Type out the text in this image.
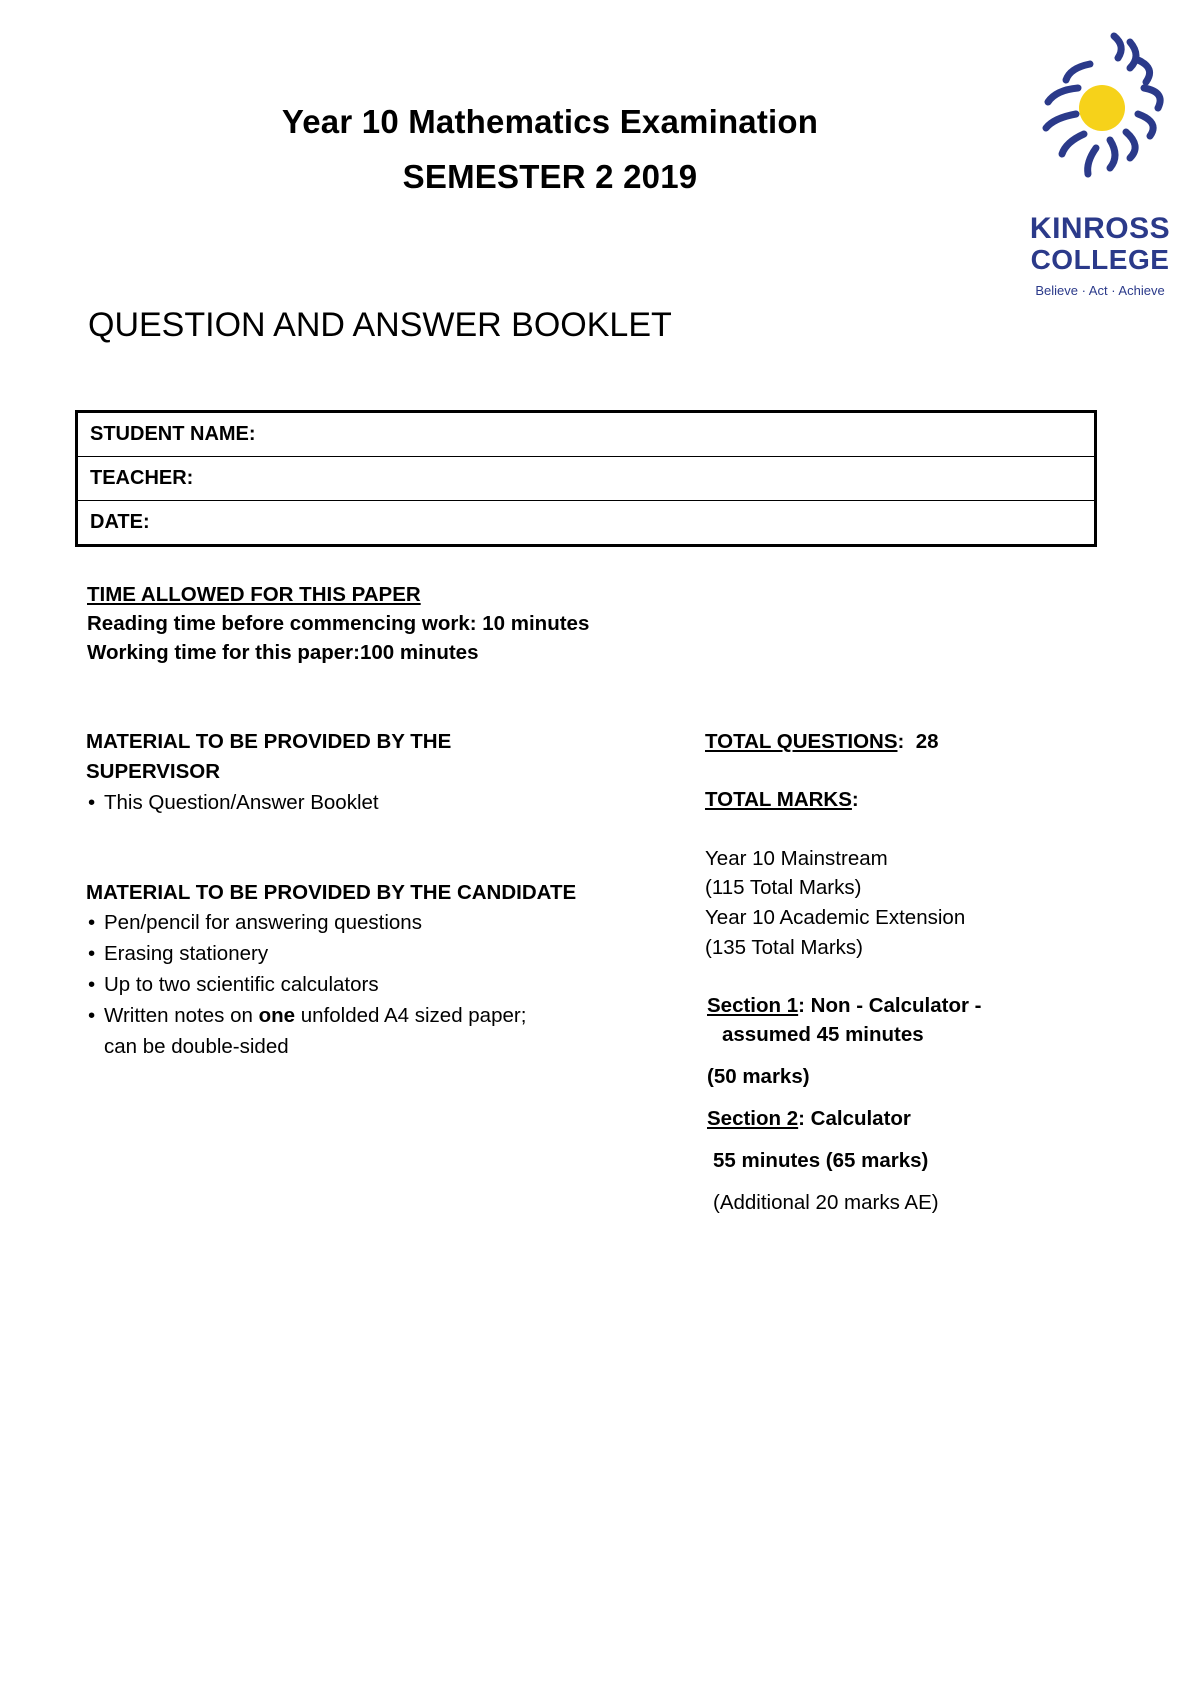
Year 10 Mathematics Examination
SEMESTER 2 2019
QUESTION AND ANSWER BOOKLET
KINROSS
COLLEGE
Believe · Act · Achieve
STUDENT NAME:
TEACHER:
DATE:
TIME ALLOWED FOR THIS PAPER
Reading time before commencing work: 10 minutes
Working time for this paper:100 minutes
MATERIAL TO BE PROVIDED BY THE
SUPERVISOR
• This Question/Answer Booklet
MATERIAL TO BE PROVIDED BY THE CANDIDATE
• Pen/pencil for answering questions
• Erasing stationery
• Up to two scientific calculators
• Written notes on one unfolded A4 sized paper;
can be double-sided
TOTAL QUESTIONS: 28
TOTAL MARKS:
Year 10 Mainstream
(115 Total Marks)
Year 10 Academic Extension
(135 Total Marks)
Section 1: Non - Calculator -
assumed 45 minutes
(50 marks)
Section 2: Calculator
55 minutes (65 marks)
(Additional 20 marks AE)
